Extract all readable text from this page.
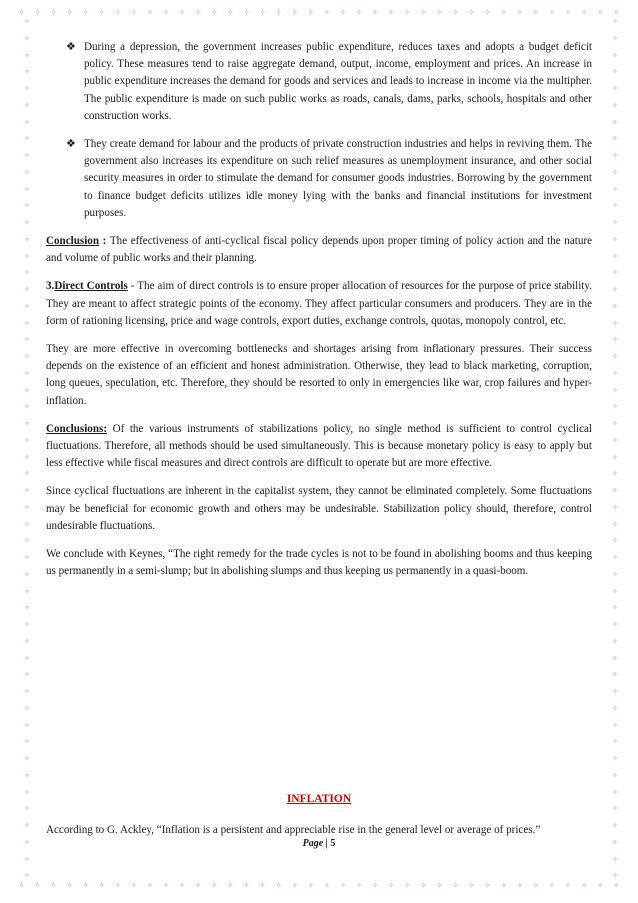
✧ ✧ ✧ ✧ ✧ ✧ ✧ ✧ ✧ ✧ ✧ ✧ ✧ ✧ ✧ ✧ ✧ ✧ ✧ ✧ ✧ ✧ ✧ ✧ ✧ ✧ ✧ ✧ ✧ ✧ ✧ ✧ ✧ ✧ ✧ ✧ ✧ ✧
✧ ✧ ✧ ✧ ✧ ✧ ✧ ✧ ✧ ✧ ✧ ✧ ✧ ✧ ✧ ✧ ✧ ✧ ✧ ✧ ✧ ✧ ✧ ✧ ✧ ✧ ✧ ✧ ✧ ✧ ✧ ✧ ✧ ✧ ✧ ✧ ✧ ✧
✧
✧
✧
✧
✧
✧
✧
✧
✧
✧
✧
✧
✧
✧
✧
✧
✧
✧
✧
✧
✧
✧
✧
✧
✧
✧
✧
✧
✧
✧
✧
✧
✧
✧
✧
✧
✧
✧
✧
✧
✧
✧
✧
✧
✧
✧
✧
✧
✧
✧
✧
✧
✧
✧
✧
✧
✧
✧
✧
✧
✧
✧
✧
✧
✧
✧
✧
✧
✧
✧
✧
✧
✧
✧
✧
✧
✧
✧
✧
✧
✧
✧
✧
✧
✧
✧
✧
✧
✧
✧
✧
✧
✧
✧
✧
✧
✧
✧
✧
✧
✧
✧
✧
✧
❖ During a depression, the government increases public expenditure, reduces taxes and adopts a budget deficit policy. These measures tend to raise aggregate demand, output, income, employment and prices. An increase in public expenditure increases the demand for goods and services and leads to increase in income via the multipher. The public expenditure is made on such public works as roads, canals, dams, parks, schools, hospitals and other construction works.
❖ They create demand for labour and the products of private construction industries and helps in reviving them. The government also increases its expenditure on such relief measures as unemployment insurance, and other social security measures in order to stimulate the demand for consumer goods industries. Borrowing by the government to finance budget deficits utilizes idle money lying with the banks and financial institutions for investment purposes.

Conclusion : The effectiveness of anti-cyclical fiscal policy depends upon proper timing of policy action and the nature and volume of public works and their planning.

3.Direct Controls - The aim of direct controls is to ensure proper allocation of resources for the purpose of price stability. They are meant to affect strategic points of the economy. They affect particular consumers and producers. They are in the form of rationing licensing, price and wage controls, export duties, exchange controls, quotas, monopoly control, etc.

They are more effective in overcoming bottlenecks and shortages arising from inflationary pressures. Their success depends on the existence of an efficient and honest administration. Otherwise, they lead to black marketing, corruption, long queues, speculation, etc. Therefore, they should be resorted to only in emergencies like war, crop failures and hyper-inflation.

Conclusions: Of the various instruments of stabilizations policy, no single method is sufficient to control cyclical fluctuations. Therefore, all methods should be used simultaneously. This is because monetary policy is easy to apply but less effective while fiscal measures and direct controls are difficult to operate but are more effective.

Since cyclical fluctuations are inherent in the capitalist system, they cannot be eliminated completely. Some fluctuations may be beneficial for economic growth and others may be undesirable. Stabilization policy should, therefore, control undesirable fluctuations.

We conclude with Keynes, “The right remedy for the trade cycles is not to be found in abolishing booms and thus keeping us permanently in a semi-slump; but in abolishing slumps and thus keeping us permanently in a quasi-boom.

INFLATION
According to G. Ackley, “Inflation is a persistent and appreciable rise in the general level or average of prices.”
Page | 5
